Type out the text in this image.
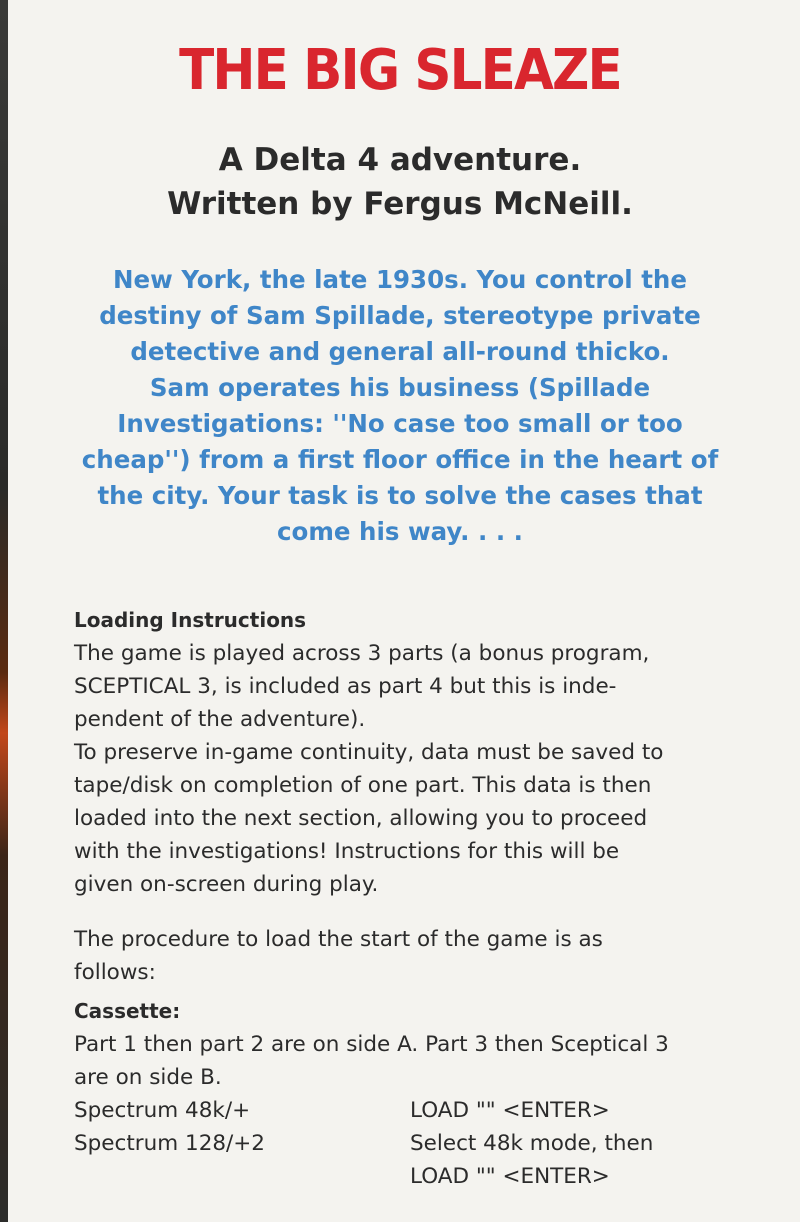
THE BIG SLEAZE
A Delta 4 adventure.
Written by Fergus McNeill.
New York, the late 1930s. You control the
destiny of Sam Spillade, stereotype private
detective and general all-round thicko.
Sam operates his business (Spillade
Investigations: ''No case too small or too
cheap'') from a first floor office in the heart of
the city. Your task is to solve the cases that
come his way. . . .
Loading Instructions

The game is played across 3 parts (a bonus program,

SCEPTICAL 3, is included as part 4 but this is inde-

pendent of the adventure).

To preserve in-game continuity, data must be saved to

tape/disk on completion of one part. This data is then

loaded into the next section, allowing you to proceed

with the investigations! Instructions for this will be

given on-screen during play.

The procedure to load the start of the game is as

follows:

Cassette:

Part 1 then part 2 are on side A. Part 3 then Sceptical 3

are on side B.

Spectrum 48k/+	LOAD "" <ENTER>
Spectrum 128/+2	Select 48k mode, then
LOAD "" <ENTER>
